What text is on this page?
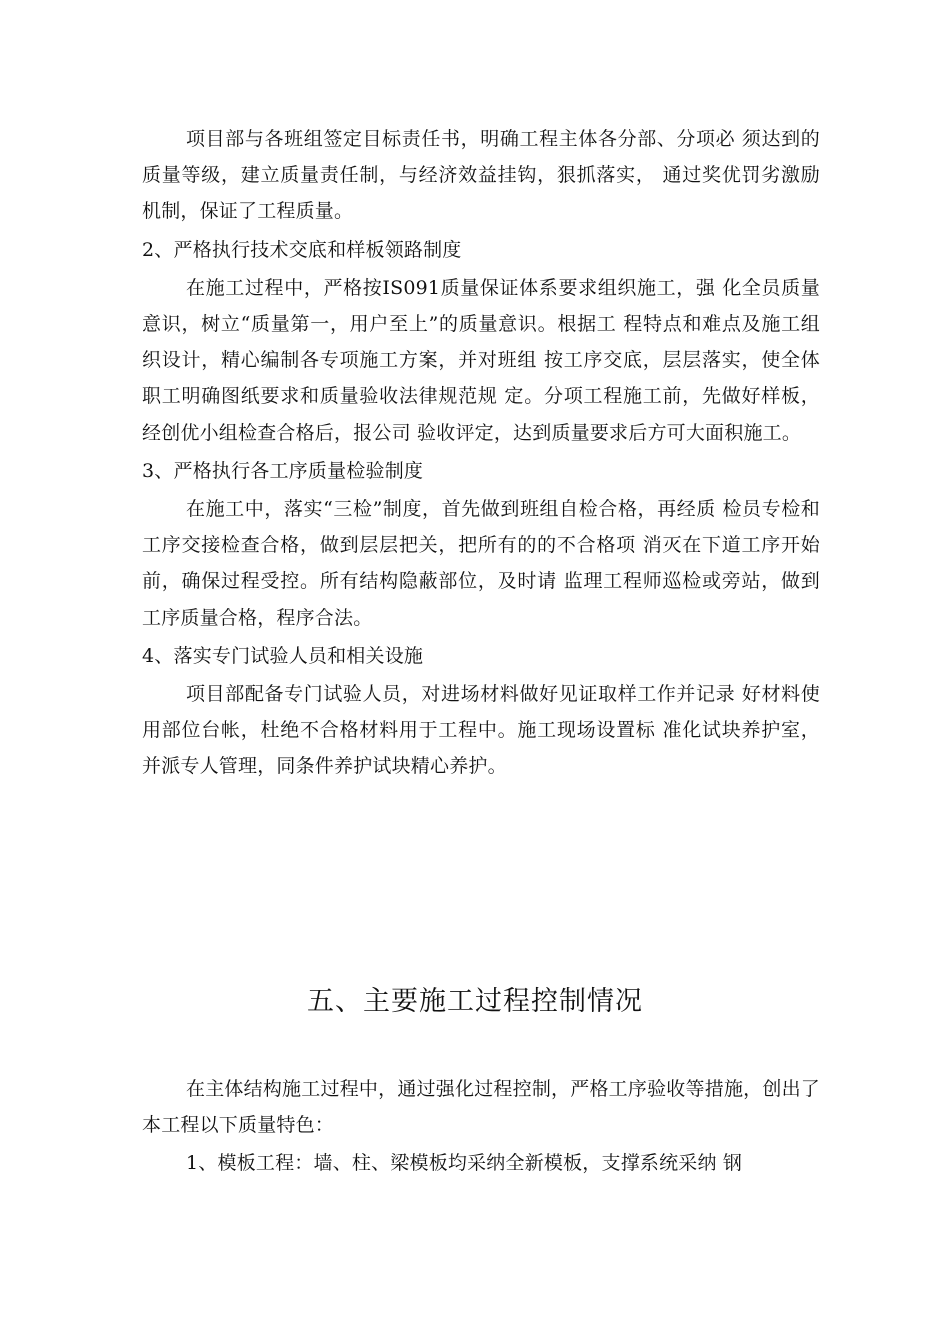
项目部与各班组签定目标责任书，明确工程主体各分部、分项必 须达到的质量等级，建立质量责任制，与经济效益挂钩，狠抓落实， 通过奖优罚劣激励机制，保证了工程质量。

2、严格执行技术交底和样板领路制度

在施工过程中，严格按IS091质量保证体系要求组织施工，强 化全员质量意识，树立“质量第一，用户至上”的质量意识。根据工 程特点和难点及施工组织设计，精心编制各专项施工方案，并对班组 按工序交底，层层落实，使全体职工明确图纸要求和质量验收法律规范规 定。分项工程施工前，先做好样板，经创优小组检查合格后，报公司 验收评定，达到质量要求后方可大面积施工。

3、严格执行各工序质量检验制度

在施工中，落实“三检”制度，首先做到班组自检合格，再经质 检员专检和工序交接检查合格，做到层层把关，把所有的的不合格项 消灭在下道工序开始前，确保过程受控。所有结构隐蔽部位，及时请 监理工程师巡检或旁站，做到工序质量合格，程序合法。

4、落实专门试验人员和相关设施

项目部配备专门试验人员，对进场材料做好见证取样工作并记录 好材料使用部位台帐，杜绝不合格材料用于工程中。施工现场设置标 准化试块养护室，并派专人管理，同条件养护试块精心养护。

五、主要施工过程控制情况

在主体结构施工过程中，通过强化过程控制，严格工序验收等措施，创出了本工程以下质量特色：

1、模板工程：墙、柱、梁模板均采纳全新模板，支撑系统采纳 钢
